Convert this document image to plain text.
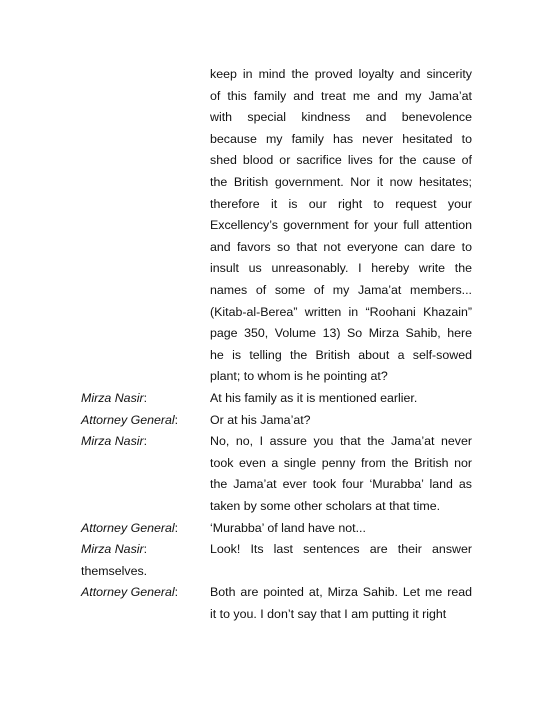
keep in mind the proved loyalty and sincerity
of this family and treat me and my Jama’at
with special kindness and benevolence
because my family has never hesitated to
shed blood or sacrifice lives for the cause of
the British government. Nor it now hesitates;
therefore it is our right to request your
Excellency’s government for your full attention
and favors so that not everyone can dare to
insult us unreasonably. I hereby write the
names of some of my Jama’at members...
(Kitab-al-Berea” written in “Roohani Khazain”
page 350, Volume 13) So Mirza Sahib, here
he is telling the British about a self-sowed
plant; to whom is he pointing at?
Mirza Nasir:	At his family as it is mentioned earlier.
Attorney General:	Or at his Jama’at?
Mirza Nasir:	No, no, I assure you that the Jama’at never
took even a single penny from the British nor
the Jama’at ever took four ‘Murabba’ land as
taken by some other scholars at that time.
Attorney General:	‘Murabba’ of land have not...
Mirza Nasir:	Look! Its last sentences are their answer
themselves.
Attorney General:	Both are pointed at, Mirza Sahib. Let me read
it to you. I don’t say that I am putting it right
